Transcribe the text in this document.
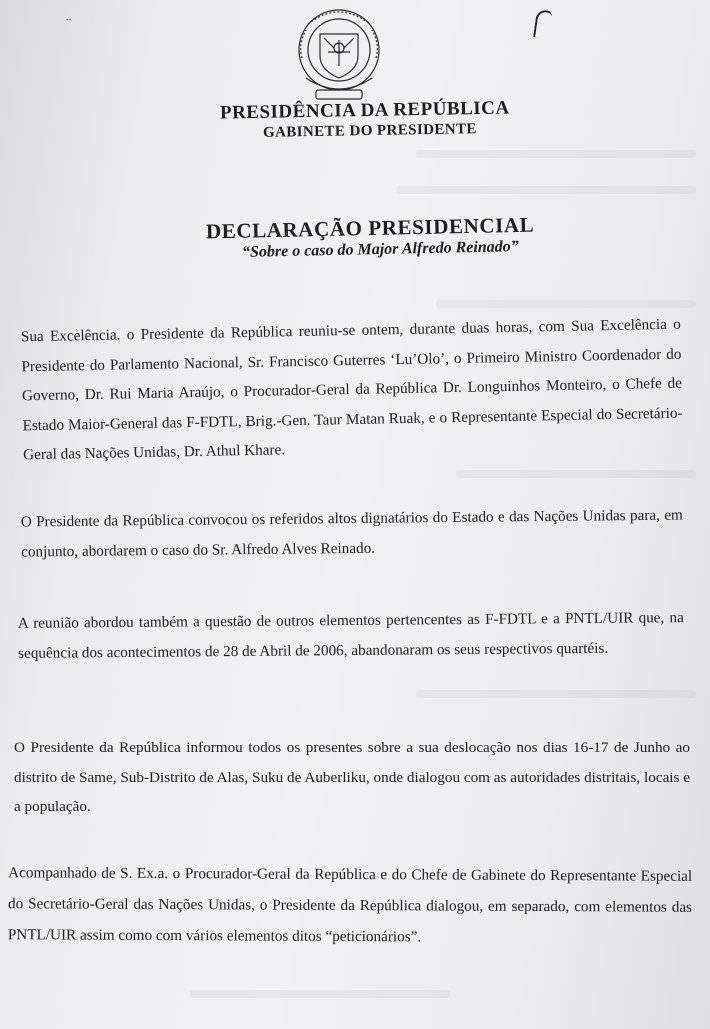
¨
PRESIDÊNCIA DA REPÚBLICA
GABINETE DO PRESIDENTE
DECLARAÇÃO PRESIDENCIAL
“Sobre o caso do Major Alfredo Reinado”
Sua Excelência. o Presidente da República reuniu-se ontem, durante duas horas, com Sua Excelência o Presidente do Parlamento Nacional, Sr. Francisco Guterres ‘Lu’Olo’, o Primeiro Ministro Coordenador do Governo, Dr. Rui Maria Araújo, o Procurador-Geral da República Dr. Longuinhos Monteiro, o Chefe de Estado Maior-General das F-FDTL, Brig.-Gen. Taur Matan Ruak, e o Representante Especial do Secretário-Geral das Nações Unidas, Dr. Athul Khare.
O Presidente da República convocou os referidos altos dignatários do Estado e das Nações Unidas para, em conjunto, abordarem o caso do Sr. Alfredo Alves Reinado.
A reunião abordou também a questão de outros elementos pertencentes as F-FDTL e a PNTL/UIR que, na sequência dos acontecimentos de 28 de Abril de 2006, abandonaram os seus respectivos quartéis.
O Presidente da República informou todos os presentes sobre a sua deslocação nos dias 16-17 de Junho ao distrito de Same, Sub-Distrito de Alas, Suku de Auberliku, onde dialogou com as autoridades distritais, locais e a população.
Acompanhado de S. Ex.a. o Procurador-Geral da República e do Chefe de Gabinete do Representante Especial do Secretário-Geral das Nações Unidas, o Presidente da República dialogou, em separado, com elementos das PNTL/UIR assim como com vários elementos ditos “peticionários”.
